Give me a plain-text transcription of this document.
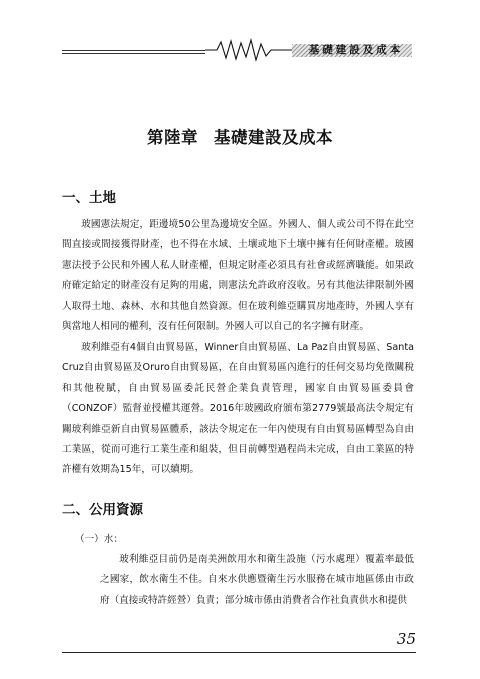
基礎建設及成本
第陸章 基礎建設及成本
一、土地

玻國憲法規定，距邊境50公里為邊境安全區。外國人、個人或公司不得在此空間直接或間接獲得財產，也不得在水域、土壤或地下土壤中擁有任何財產權。玻國憲法授予公民和外國人私人財產權，但規定財產必須具有社會或經濟職能。如果政府確定給定的財產沒有足夠的用處，則憲法允許政府沒收。另有其他法律限制外國人取得土地、森林、水和其他自然資源。但在玻利維亞購買房地產時，外國人享有與當地人相同的權利，沒有任何限制。外國人可以自己的名字擁有財產。

玻利維亞有4個自由貿易區，Winner自由貿易區、La Paz自由貿易區、Santa Cruz自由貿易區及Oruro自由貿易區，在自由貿易區內進行的任何交易均免徵關稅和其他稅賦，自由貿易區委託民營企業負責管理，國家自由貿易區委員會（CONZOF）監督並授權其運營。2016年玻國政府頒布第2779號最高法令規定有關玻利維亞新自由貿易區體系，該法令規定在一年內使現有自由貿易區轉型為自由工業區，從而可進行工業生產和組裝，但目前轉型過程尚未完成，自由工業區的特許權有效期為15年，可以續期。

二、公用資源
（一）水：

玻利維亞目前仍是南美洲飲用水和衛生設施（污水處理）覆蓋率最低之國家，飲水衛生不佳。自來水供應暨衛生污水服務在城市地區係由市政府（直接或特許經營）負責；部分城市係由消費者合作社負責供水和提供

35
